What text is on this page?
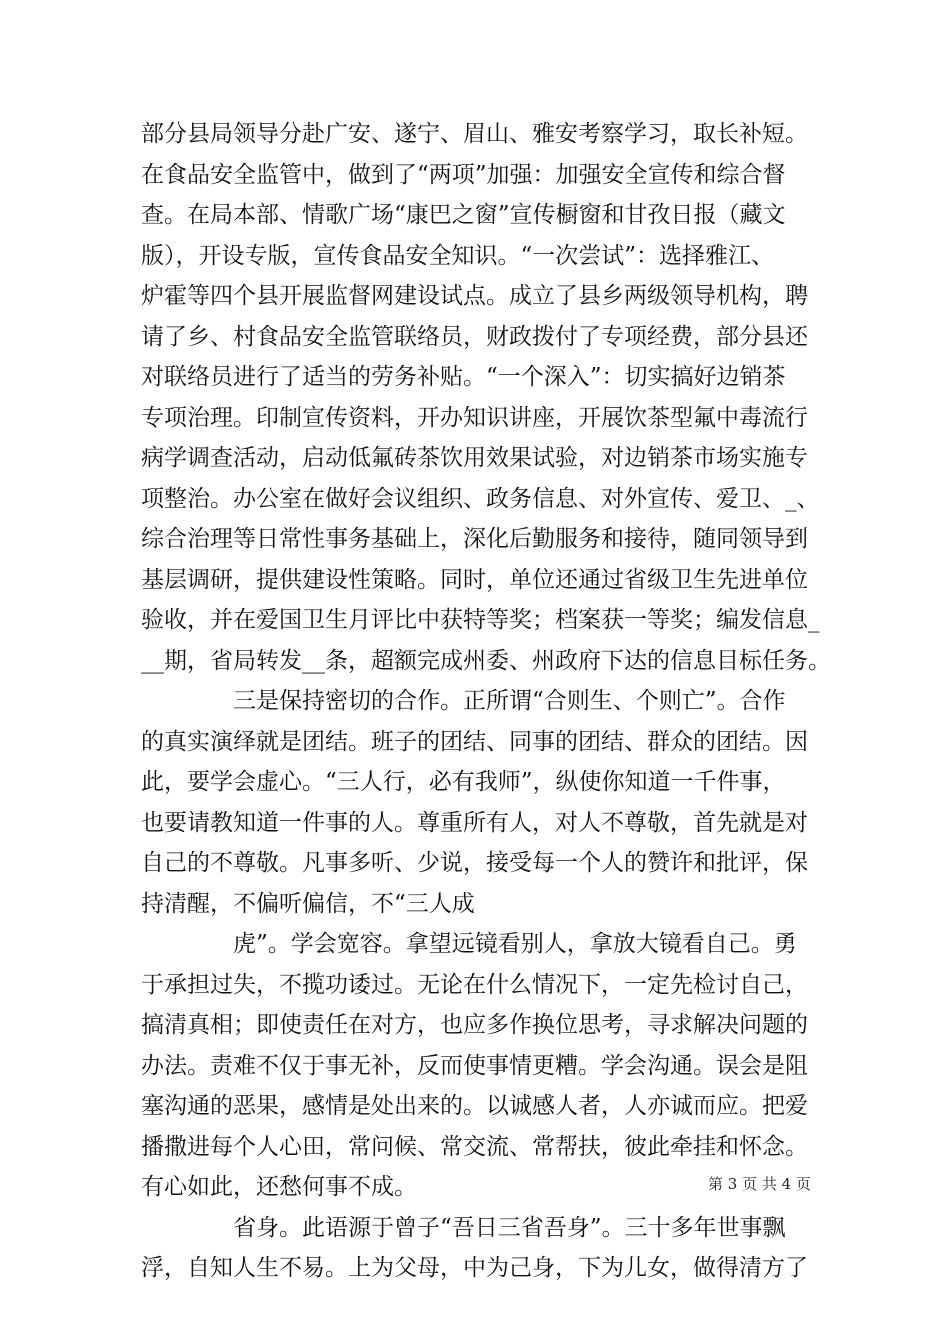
部分县局领导分赴广安、遂宁、眉山、雅安考察学习，取长补短。
在食品安全监管中，做到了“两项”加强：加强安全宣传和综合督
查。在局本部、情歌广场“康巴之窗”宣传橱窗和甘孜日报（藏文
版），开设专版，宣传食品安全知识。“一次尝试”：选择雅江、
炉霍等四个县开展监督网建设试点。成立了县乡两级领导机构，聘
请了乡、村食品安全监管联络员，财政拨付了专项经费，部分县还
对联络员进行了适当的劳务补贴。“一个深入”：切实搞好边销茶
专项治理。印制宣传资料，开办知识讲座，开展饮茶型氟中毒流行
病学调查活动，启动低氟砖茶饮用效果试验，对边销茶市场实施专
项整治。办公室在做好会议组织、政务信息、对外宣传、爱卫、_、
综合治理等日常性事务基础上，深化后勤服务和接待，随同领导到
基层调研，提供建设性策略。同时，单位还通过省级卫生先进单位
验收，并在爱国卫生月评比中获特等奖；档案获一等奖；编发信息_
__期，省局转发__条，超额完成州委、州政府下达的信息目标任务。
三是保持密切的合作。正所谓“合则生、个则亡”。合作
的真实演绎就是团结。班子的团结、同事的团结、群众的团结。因
此，要学会虚心。“三人行，必有我师”，纵使你知道一千件事，
也要请教知道一件事的人。尊重所有人，对人不尊敬，首先就是对
自己的不尊敬。凡事多听、少说，接受每一个人的赞许和批评，保
持清醒，不偏听偏信，不“三人成
虎”。学会宽容。拿望远镜看别人，拿放大镜看自己。勇
于承担过失，不揽功诿过。无论在什么情况下，一定先检讨自己，
搞清真相；即使责任在对方，也应多作换位思考，寻求解决问题的
办法。责难不仅于事无补，反而使事情更糟。学会沟通。误会是阻
塞沟通的恶果，感情是处出来的。以诚感人者，人亦诚而应。把爱
播撒进每个人心田，常问候、常交流、常帮扶，彼此牵挂和怀念。
有心如此，还愁何事不成。
省身。此语源于曾子“吾日三省吾身”。三十多年世事飘
浮，自知人生不易。上为父母，中为己身，下为儿女，做得清方了
第 3 页 共 4 页
